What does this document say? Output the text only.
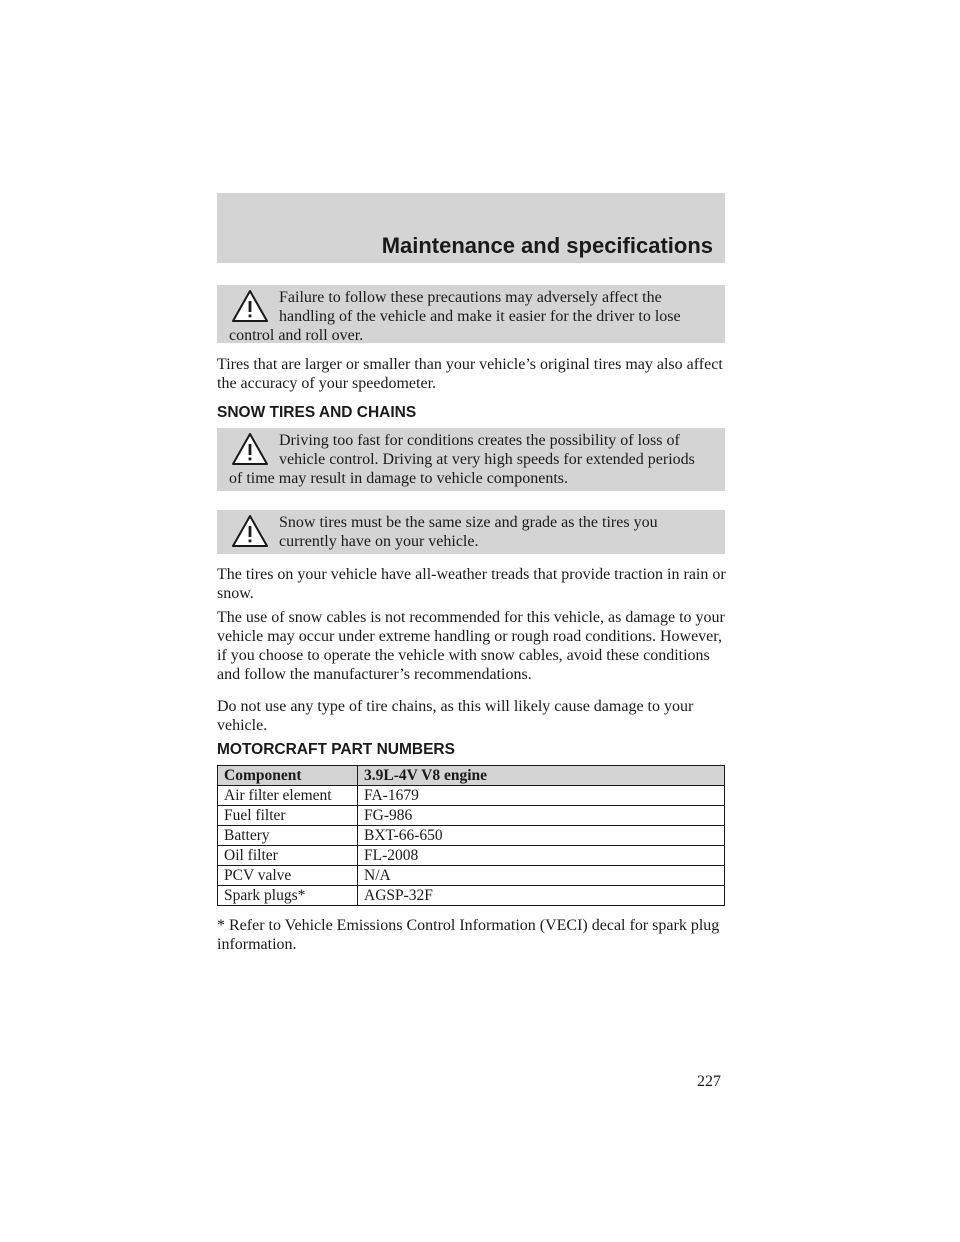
Maintenance and specifications
Failure to follow these precautions may adversely affect the handling of the vehicle and make it easier for the driver to lose control and roll over.
Tires that are larger or smaller than your vehicle’s original tires may also affect the accuracy of your speedometer.
SNOW TIRES AND CHAINS
Driving too fast for conditions creates the possibility of loss of vehicle control. Driving at very high speeds for extended periods of time may result in damage to vehicle components.
Snow tires must be the same size and grade as the tires you currently have on your vehicle.
The tires on your vehicle have all-weather treads that provide traction in rain or snow.
The use of snow cables is not recommended for this vehicle, as damage to your vehicle may occur under extreme handling or rough road conditions. However, if you choose to operate the vehicle with snow cables, avoid these conditions and follow the manufacturer’s recommendations.
Do not use any type of tire chains, as this will likely cause damage to your vehicle.
MOTORCRAFT PART NUMBERS
Component	3.9L-4V V8 engine
Air filter element	FA-1679
Fuel filter	FG-986
Battery	BXT-66-650
Oil filter	FL-2008
PCV valve	N/A
Spark plugs*	AGSP-32F
* Refer to Vehicle Emissions Control Information (VECI) decal for spark plug information.
227
